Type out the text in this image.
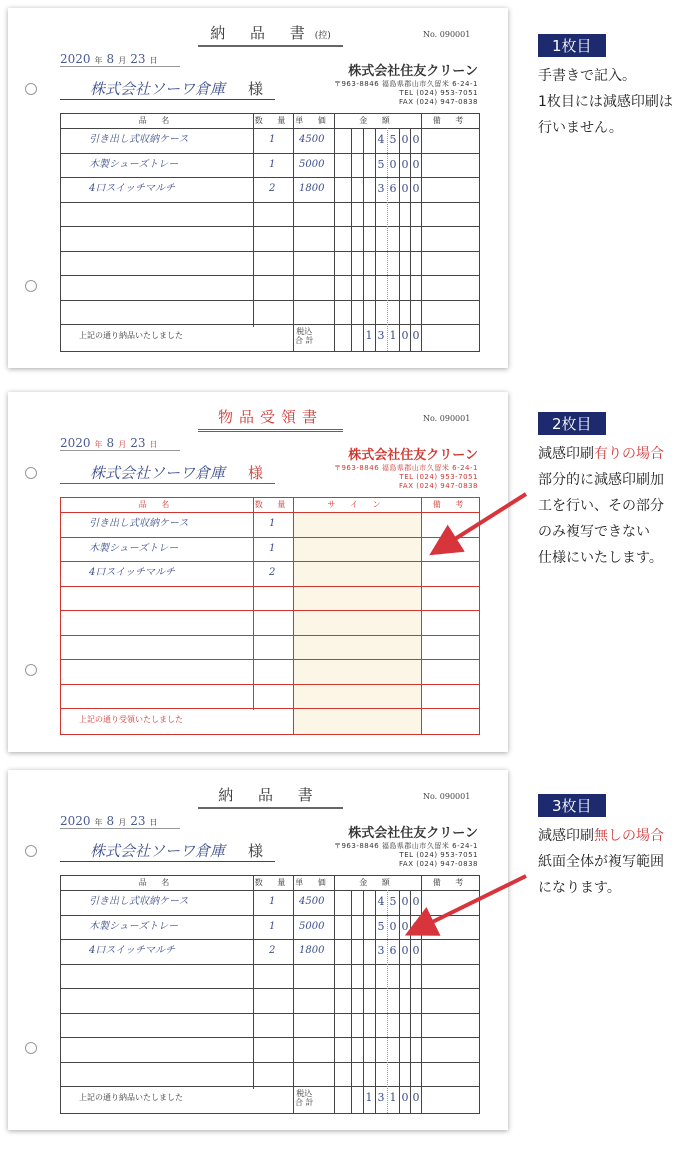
納 品 書(控)	No. 090001
2020 年 8 月 23 日
株式会社ソーワ倉庫	様
株式会社住友クリーン
〒963-8846 福島県郡山市久留米 6-24-1
TEL (024) 953-7051
FAX (024) 947-0838
品 名	数 量 単 価	金 額	備 考
引き出し式収納ケース	1 4500	4 5 0 0
木製シューズトレー	1 5000	5 0 0 0
4口スイッチマルチ	2 1800	3 6 0 0
上記の通り納品いたしました	税込
合 計	1 3 1 0 0
物品受領書	No. 090001
2020 年 8 月 23 日
株式会社ソーワ倉庫	様
株式会社住友クリーン
〒963-8846 福島県郡山市久留米 6-24-1
TEL (024) 953-7051
FAX (024) 947-0838
品 名	数 量	サ イ ン	備 考
引き出し式収納ケース	1
木製シューズトレー	1
4口スイッチマルチ	2
上記の通り受領いたしました
納 品 書	No. 090001
2020 年 8 月 23 日
株式会社ソーワ倉庫	様
株式会社住友クリーン
〒963-8846 福島県郡山市久留米 6-24-1
TEL (024) 953-7051
FAX (024) 947-0838
品 名	数 量 単 価	金 額	備 考
引き出し式収納ケース	1 4500	4 5 0 0
木製シューズトレー	1 5000	5 0 0 0
4口スイッチマルチ	2 1800	3 6 0 0
上記の通り納品いたしました	税込
合 計	1 3 1 0 0
1枚目

手書きで記入。

1枚目には減感印刷は

行いません。

2枚目

減感印刷有りの場合

部分的に減感印刷加

工を行い、その部分

のみ複写できない

仕様にいたします。

3枚目

減感印刷無しの場合

紙面全体が複写範囲

になります。
